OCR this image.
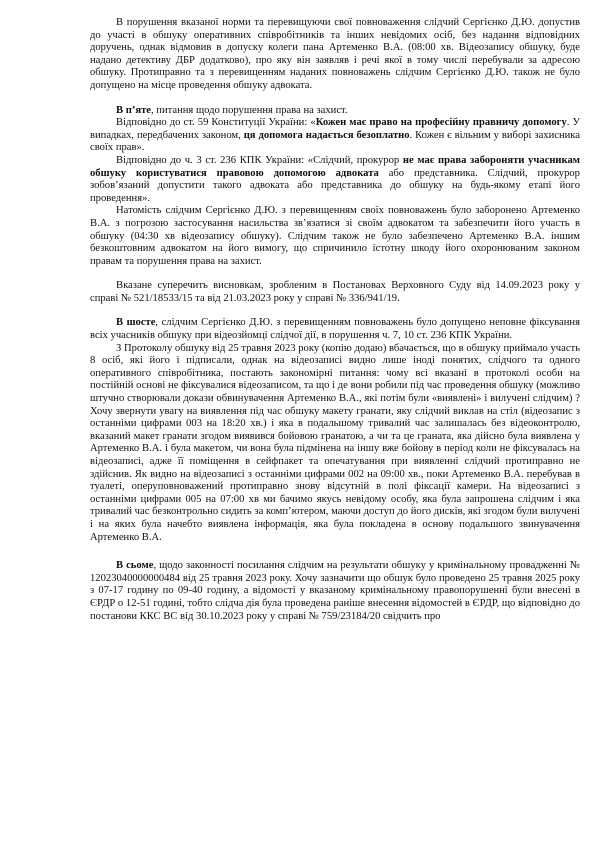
В порушення вказаної норми та перевищуючи свої повноваження слідчий Сергієнко Д.Ю. допустив до участі в обшуку оперативних співробітників та інших невідомих осіб, без надання відповідних доручень, однак відмовив в допуску колеги пана Артеменко В.А. (08:00 хв. Відеозапису обшуку, буде надано детективу ДБР додатково), про яку він заявляв і речі якої в тому числі перебували за адресою обшуку. Протиправно та з перевищенням наданих повноважень слідчим Сергієнко Д.Ю. також не було допущено на місце проведення обшуку адвоката.

В п’яте, питання щодо порушення права на захист.

Відповідно до ст. 59 Конституції України: «Кожен має право на професійну правничу допомогу. У випадках, передбачених законом, ця допомога надається безоплатно. Кожен є вільним у виборі захисника своїх прав».

Відповідно до ч. 3 ст. 236 КПК України: «Слідчий, прокурор не має права забороняти учасникам обшуку користуватися правовою допомогою адвоката або представника. Слідчий, прокурор зобов’язаний допустити такого адвоката або представника до обшуку на будь-якому етапі його проведення».

Натомість слідчим Сергієнко Д.Ю. з перевищенням своїх повноважень було заборонено Артеменко В.А. з погрозою застосування насильства зв’язатися зі своїм адвокатом та забезпечити його участь в обшуку (04:30 хв відеозапису обшуку). Слідчим також не було забезпечено Артеменко В.А. іншим безкоштовним адвокатом на його вимогу, що спричинило істотну шкоду його охоронюваним законом правам та порушення права на захист.

Вказане суперечить висновкам, зробленим в Постановах Верховного Суду від 14.09.2023 року у справі № 521/18533/15 та від 21.03.2023 року у справі № 336/941/19.

В шосте, слідчим Сергієнко Д.Ю. з перевищенням повноважень було допущено неповне фіксування всіх учасників обшуку при відеозйомці слідчої дії, в порушення ч. 7, 10 ст. 236 КПК України.

З Протоколу обшуку від 25 травня 2023 року (копію додаю) вбачається, що в обшуку приймало участь 8 осіб, які його і підписали, однак на відеозаписі видно лише іноді понятих, слідчого та одного оперативного співробітника, постають закономірні питання: чому всі вказані в протоколі особи на постійній основі не фіксувалися відеозаписом, та що і де вони робили під час проведення обшуку (можливо штучно створювали докази обвинувачення Артеменко В.А., які потім були «виявлені» і вилучені слідчим) ? Хочу звернути увагу на виявлення під час обшуку макету гранати, яку слідчий виклав на стіл (відеозапис з останніми цифрами 003 на 18:20 хв.) і яка в подальшому тривалий час залишалась без відеоконтролю, вказаний макет гранати згодом виявився бойовою гранатою, а чи та це граната, яка дійсно була виявлена у Артеменко В.А. і була макетом, чи вона була підмінена на іншу вже бойову в період коли не фіксувалась на відеозаписі, адже її поміщення в сейфпакет та опечатування при виявленні слідчий протиправно не здійснив. Як видно на відеозаписі з останніми цифрами 002 на 09:00 хв., поки Артеменко В.А. перебував в туалеті, оперуповноважений протиправно знову відсутній в полі фіксації камери. На відеозаписі з останніми цифрами 005 на 07:00 хв ми бачимо якусь невідому особу, яка була запрошена слідчим і яка тривалий час безконтрольно сидить за комп’ютером, маючи доступ до його дисків, які згодом були вилучені і на яких була начебто виявлена інформація, яка була покладена в основу подальшого звинувачення Артеменко В.А.

В сьоме, щодо законності посилання слідчим на результати обшуку у кримінальному провадженні № 12023040000000484 від 25 травня 2023 року. Хочу зазначити що обшук було проведено 25 травня 2025 року з 07-17 годину по 09-40 годину, а відомості у вказаному кримінальному правопорушенні були внесені в ЄРДР о 12-51 годині, тобто слідча дія була проведена раніше внесення відомостей в ЄРДР, що відповідно до постанови ККС ВС від 30.10.2023 року у справі № 759/23184/20 свідчить про
